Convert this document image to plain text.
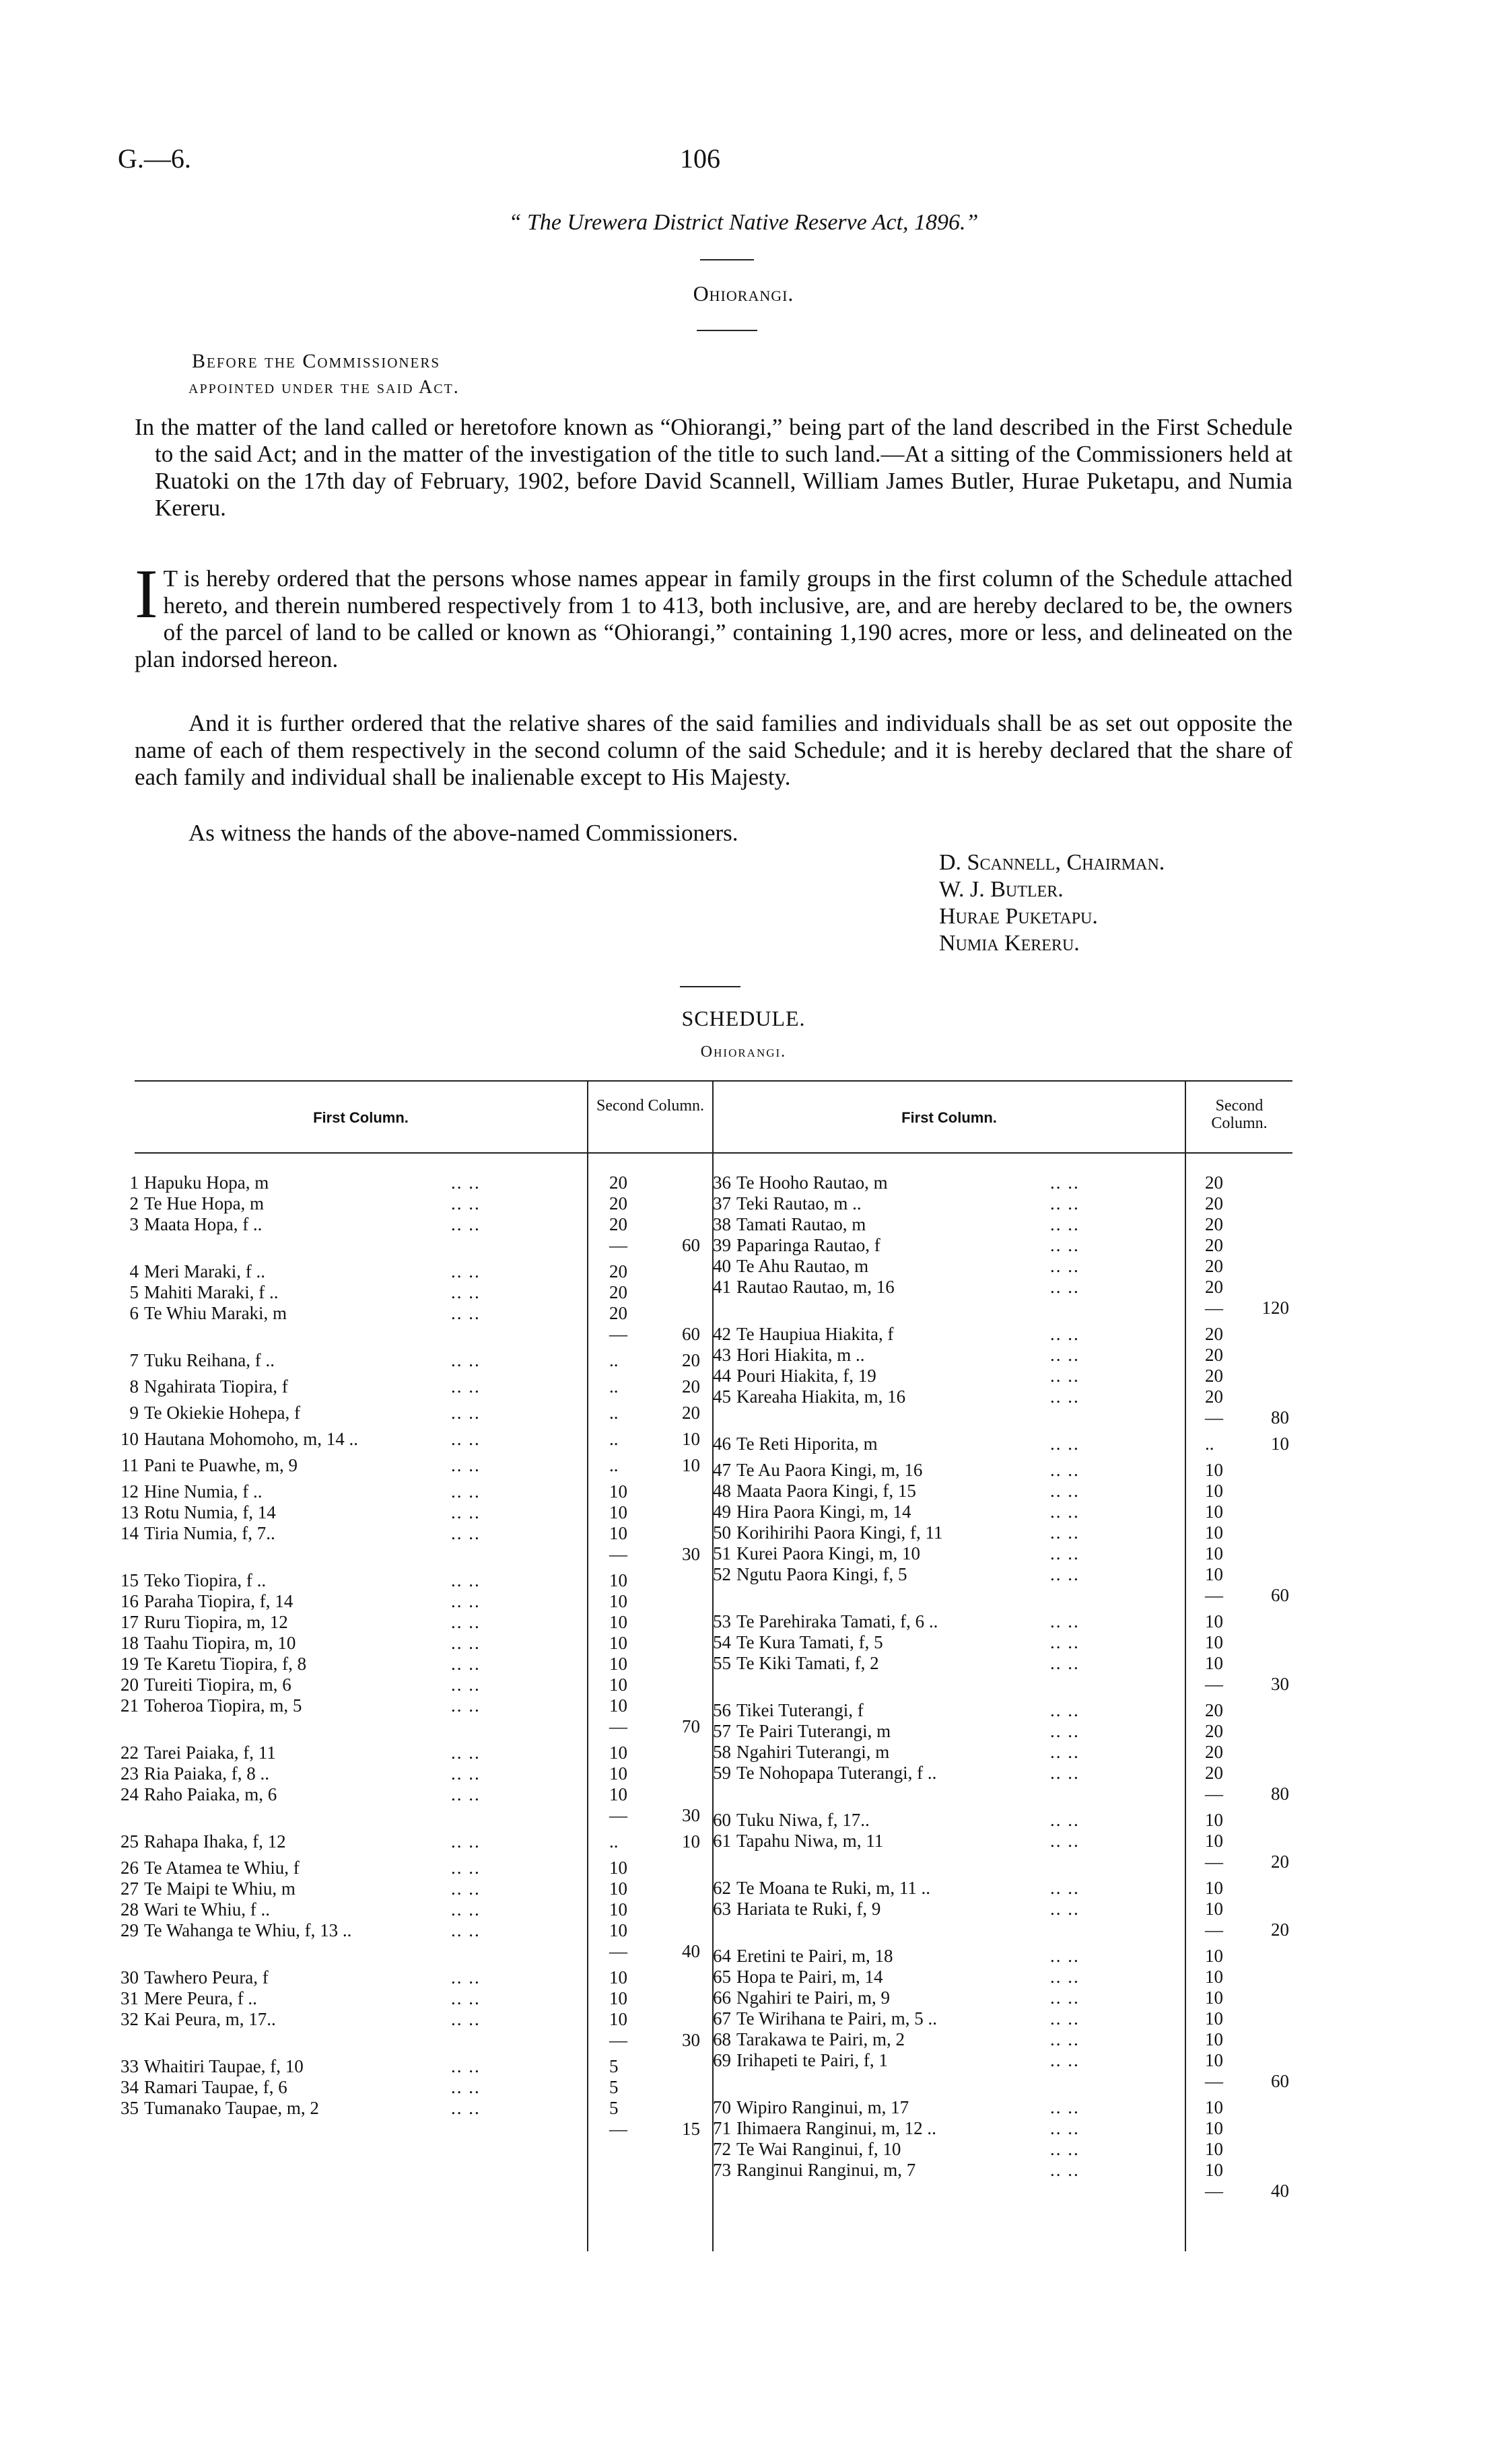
G.—6.	106
“ The Urewera District Native Reserve Act, 1896.”
Ohiorangi.
Before the Commissioners
appointed under the said Act.
In the matter of the land called or heretofore known as “Ohiorangi,” being part of the land described in the First Schedule to the said Act; and in the matter of the investigation of the title to such land.—At a sitting of the Commissioners held at Ruatoki on the 17th day of February, 1902, before David Scannell, William James Butler, Hurae Puketapu, and Numia Kereru.
I T is hereby ordered that the persons whose names appear in family groups in the first column of the Schedule attached hereto, and therein numbered respectively from 1 to 413, both inclusive, are, and are hereby declared to be, the owners of the parcel of land to be called or known as “Ohiorangi,” containing 1,190 acres, more or less, and delineated on the plan indorsed hereon.
And it is further ordered that the relative shares of the said families and individuals shall be as set out opposite the name of each of them respectively in the second column of the said Schedule; and it is hereby declared that the share of each family and individual shall be inalienable except to His Majesty.
As witness the hands of the above-named Commissioners.
D. Scannell, Chairman.
W. J. Butler.
Hurae Puketapu.
Numia Kereru.
SCHEDULE.
Ohiorangi.
First Column.
Second Column.
First Column.
Second Column.
1 Hapuku Hopa, m	.. ..	20
2 Te Hue Hopa, m	.. ..	20
3 Maata Hopa, f ..	.. ..	20
—	60
4 Meri Maraki, f ..	.. ..	20
5 Mahiti Maraki, f ..	.. ..	20
6 Te Whiu Maraki, m	.. ..	20
—	60
7 Tuku Reihana, f ..	.. ..	..	20
8 Ngahirata Tiopira, f	.. ..	..	20
9 Te Okiekie Hohepa, f	.. ..	..	20
10 Hautana Mohomoho, m, 14 ..	.. ..	..	10
11 Pani te Puawhe, m, 9	.. ..	..	10
12 Hine Numia, f ..	.. ..	10
13 Rotu Numia, f, 14	.. ..	10
14 Tiria Numia, f, 7..	.. ..	10
—	30
15 Teko Tiopira, f ..	.. ..	10
16 Paraha Tiopira, f, 14	.. ..	10
17 Ruru Tiopira, m, 12	.. ..	10
18 Taahu Tiopira, m, 10	.. ..	10
19 Te Karetu Tiopira, f, 8	.. ..	10
20 Tureiti Tiopira, m, 6	.. ..	10
21 Toheroa Tiopira, m, 5	.. ..	10
—	70
22 Tarei Paiaka, f, 11	.. ..	10
23 Ria Paiaka, f, 8 ..	.. ..	10
24 Raho Paiaka, m, 6	.. ..	10
—	30
25 Rahapa Ihaka, f, 12	.. ..	..	10
26 Te Atamea te Whiu, f	.. ..	10
27 Te Maipi te Whiu, m	.. ..	10
28 Wari te Whiu, f ..	.. ..	10
29 Te Wahanga te Whiu, f, 13 ..	.. ..	10
—	40
30 Tawhero Peura, f	.. ..	10
31 Mere Peura, f ..	.. ..	10
32 Kai Peura, m, 17..	.. ..	10
—	30
33 Whaitiri Taupae, f, 10	.. ..	5
34 Ramari Taupae, f, 6	.. ..	5
35 Tumanako Taupae, m, 2	.. ..	5
—	15
36 Te Hooho Rautao, m	.. ..	20
37 Teki Rautao, m ..	.. ..	20
38 Tamati Rautao, m	.. ..	20
39 Paparinga Rautao, f	.. ..	20
40 Te Ahu Rautao, m	.. ..	20
41 Rautao Rautao, m, 16	.. ..	20
—	120
42 Te Haupiua Hiakita, f	.. ..	20
43 Hori Hiakita, m ..	.. ..	20
44 Pouri Hiakita, f, 19	.. ..	20
45 Kareaha Hiakita, m, 16	.. ..	20
—	80
46 Te Reti Hiporita, m	.. ..	..	10
47 Te Au Paora Kingi, m, 16	.. ..	10
48 Maata Paora Kingi, f, 15	.. ..	10
49 Hira Paora Kingi, m, 14	.. ..	10
50 Korihirihi Paora Kingi, f, 11	.. ..	10
51 Kurei Paora Kingi, m, 10	.. ..	10
52 Ngutu Paora Kingi, f, 5	.. ..	10
—	60
53 Te Parehiraka Tamati, f, 6 ..	.. ..	10
54 Te Kura Tamati, f, 5	.. ..	10
55 Te Kiki Tamati, f, 2	.. ..	10
—	30
56 Tikei Tuterangi, f	.. ..	20
57 Te Pairi Tuterangi, m	.. ..	20
58 Ngahiri Tuterangi, m	.. ..	20
59 Te Nohopapa Tuterangi, f ..	.. ..	20
—	80
60 Tuku Niwa, f, 17..	.. ..	10
61 Tapahu Niwa, m, 11	.. ..	10
—	20
62 Te Moana te Ruki, m, 11 ..	.. ..	10
63 Hariata te Ruki, f, 9	.. ..	10
—	20
64 Eretini te Pairi, m, 18	.. ..	10
65 Hopa te Pairi, m, 14	.. ..	10
66 Ngahiri te Pairi, m, 9	.. ..	10
67 Te Wirihana te Pairi, m, 5 ..	.. ..	10
68 Tarakawa te Pairi, m, 2	.. ..	10
69 Irihapeti te Pairi, f, 1	.. ..	10
—	60
70 Wipiro Ranginui, m, 17	.. ..	10
71 Ihimaera Ranginui, m, 12 ..	.. ..	10
72 Te Wai Ranginui, f, 10	.. ..	10
73 Ranginui Ranginui, m, 7	.. ..	10
—	40
